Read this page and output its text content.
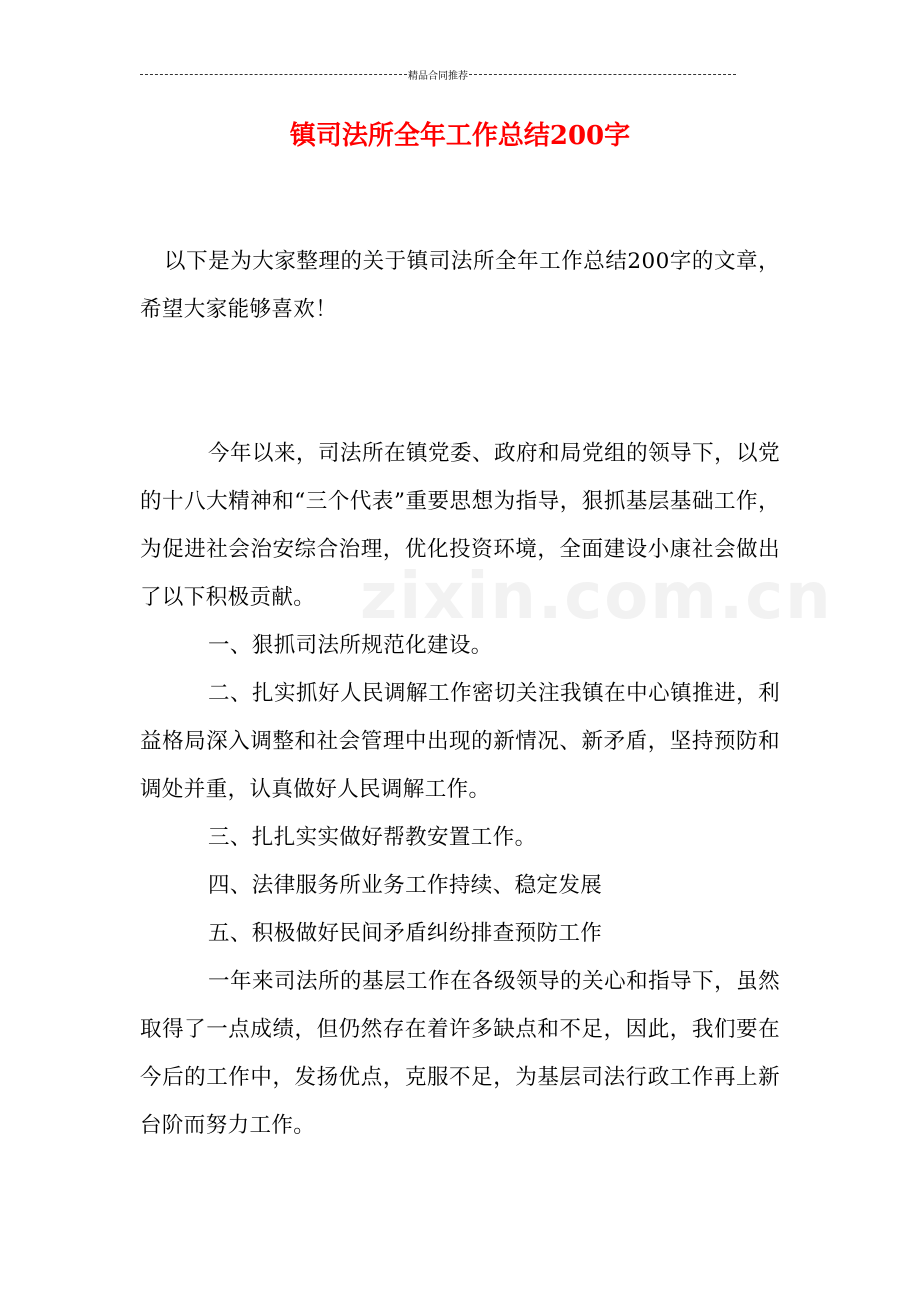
精品合同推荐
镇司法所全年工作总结200字

以下是为大家整理的关于镇司法所全年工作总结200字的文章，希望大家能够喜欢！

今年以来，司法所在镇党委、政府和局党组的领导下，以党的十八大精神和“三个代表”重要思想为指导，狠抓基层基础工作，为促进社会治安综合治理，优化投资环境，全面建设小康社会做出了以下积极贡献。

一、狠抓司法所规范化建设。

二、扎实抓好人民调解工作密切关注我镇在中心镇推进，利益格局深入调整和社会管理中出现的新情况、新矛盾，坚持预防和调处并重，认真做好人民调解工作。

三、扎扎实实做好帮教安置工作。

四、法律服务所业务工作持续、稳定发展

五、积极做好民间矛盾纠纷排查预防工作

一年来司法所的基层工作在各级领导的关心和指导下，虽然取得了一点成绩，但仍然存在着许多缺点和不足，因此，我们要在今后的工作中，发扬优点，克服不足，为基层司法行政工作再上新台阶而努力工作。

zixin.com.cn
